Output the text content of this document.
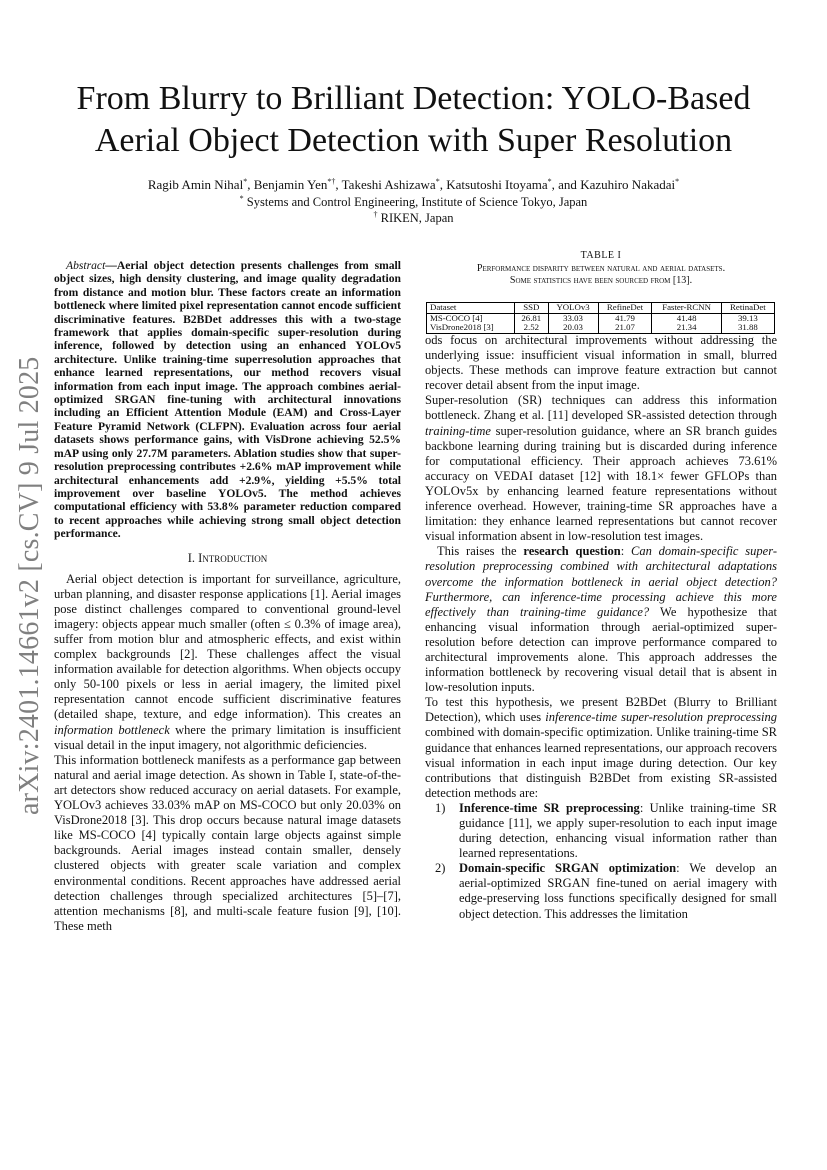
From Blurry to Brilliant Detection: YOLO-Based
Aerial Object Detection with Super Resolution
Ragib Amin Nihal*, Benjamin Yen*†, Takeshi Ashizawa*, Katsutoshi Itoyama*, and Kazuhiro Nakadai*
* Systems and Control Engineering, Institute of Science Tokyo, Japan
† RIKEN, Japan
arXiv:2401.14661v2 [cs.CV] 9 Jul 2025

Abstract—Aerial object detection presents challenges from small object sizes, high density clustering, and image quality degradation from distance and motion blur. These factors create an information bottleneck where limited pixel representation cannot encode sufficient discriminative features. B2BDet addresses this with a two-stage framework that applies domain-specific super-resolution during inference, followed by detection using an enhanced YOLOv5 architecture. Unlike training-time superresolution approaches that enhance learned representations, our method recovers visual information from each input image. The approach combines aerial-optimized SRGAN fine-tuning with architectural innovations including an Efficient Attention Module (EAM) and Cross-Layer Feature Pyramid Network (CLFPN). Evaluation across four aerial datasets shows performance gains, with VisDrone achieving 52.5% mAP using only 27.7M parameters. Ablation studies show that super-resolution preprocessing contributes +2.6% mAP improvement while architectural enhancements add +2.9%, yielding +5.5% total improvement over baseline YOLOv5. The method achieves computational efficiency with 53.8% parameter reduction compared to recent approaches while achieving strong small object detection performance.

I. Introduction

Aerial object detection is important for surveillance, agriculture, urban planning, and disaster response applications [1]. Aerial images pose distinct challenges compared to conventional ground-level imagery: objects appear much smaller (often ≤ 0.3% of image area), suffer from motion blur and atmospheric effects, and exist within complex backgrounds [2]. These challenges affect the visual information available for detection algorithms. When objects occupy only 50-100 pixels or less in aerial imagery, the limited pixel representation cannot encode sufficient discriminative features (detailed shape, texture, and edge information). This creates an information bottleneck where the primary limitation is insufficient visual detail in the input imagery, not algorithmic deficiencies.

This information bottleneck manifests as a performance gap between natural and aerial image detection. As shown in Table I, state-of-the-art detectors show reduced accuracy on aerial datasets. For example, YOLOv3 achieves 33.03% mAP on MS-COCO but only 20.03% on VisDrone2018 [3]. This drop occurs because natural image datasets like MS-COCO [4] typically contain large objects against simple backgrounds. Aerial images instead contain smaller, densely clustered objects with greater scale variation and complex environmental conditions. Recent approaches have addressed aerial detection challenges through specialized architectures [5]–[7], attention mechanisms [8], and multi-scale feature fusion [9], [10]. These meth

TABLE I
Performance disparity between natural and aerial datasets.
Some statistics have been sourced from [13].
Dataset	SSD	YOLOv3	RefineDet	Faster-RCNN	RetinaDet
MS-COCO [4]	26.81	33.03	41.79	41.48	39.13
VisDrone2018 [3]	2.52	20.03	21.07	21.34	31.88

ods focus on architectural improvements without addressing the underlying issue: insufficient visual information in small, blurred objects. These methods can improve feature extraction but cannot recover detail absent from the input image.

Super-resolution (SR) techniques can address this information bottleneck. Zhang et al. [11] developed SR-assisted detection through training-time super-resolution guidance, where an SR branch guides backbone learning during training but is discarded during inference for computational efficiency. Their approach achieves 73.61% accuracy on VEDAI dataset [12] with 18.1× fewer GFLOPs than YOLOv5x by enhancing learned feature representations without inference overhead. However, training-time SR approaches have a limitation: they enhance learned representations but cannot recover visual information absent in low-resolution test images.

This raises the research question: Can domain-specific super-resolution preprocessing combined with architectural adaptations overcome the information bottleneck in aerial object detection? Furthermore, can inference-time processing achieve this more effectively than training-time guidance? We hypothesize that enhancing visual information through aerial-optimized super-resolution before detection can improve performance compared to architectural improvements alone. This approach addresses the information bottleneck by recovering visual detail that is absent in low-resolution inputs.

To test this hypothesis, we present B2BDet (Blurry to Brilliant Detection), which uses inference-time super-resolution preprocessing combined with domain-specific optimization. Unlike training-time SR guidance that enhances learned representations, our approach recovers visual information in each input image during detection. Our key contributions that distinguish B2BDet from existing SR-assisted detection methods are:

1) Inference-time SR preprocessing: Unlike training-time SR guidance [11], we apply super-resolution to each input image during detection, enhancing visual information rather than learned representations.
2) Domain-specific SRGAN optimization: We develop an aerial-optimized SRGAN fine-tuned on aerial imagery with edge-preserving loss functions specifically designed for small object detection. This addresses the limitation
